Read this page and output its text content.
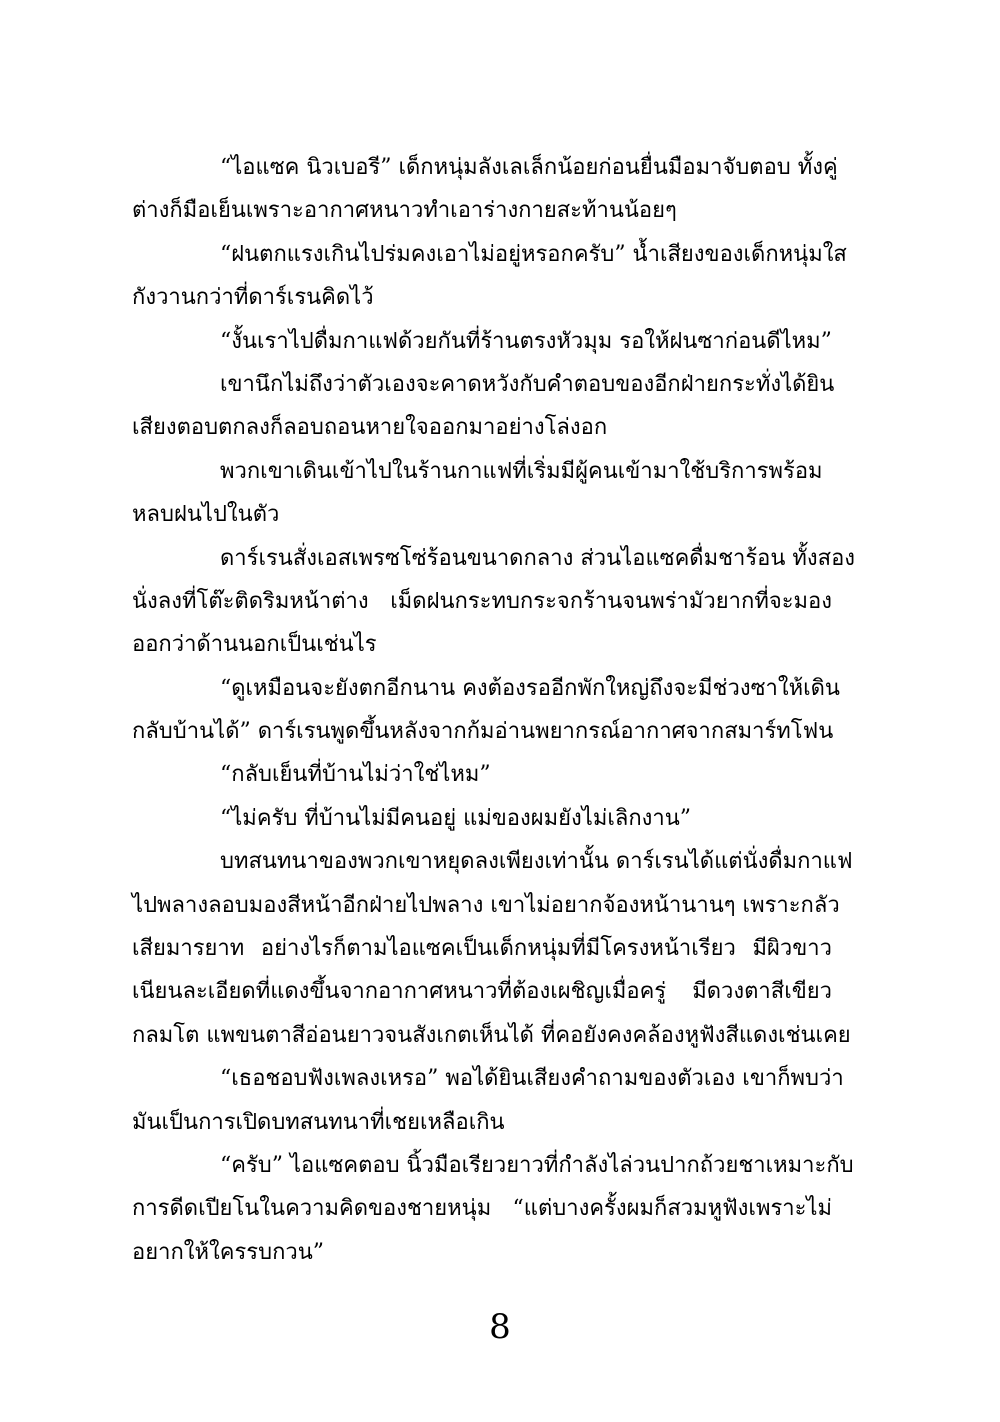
“ไอแซค นิวเบอรี” เด็กหนุ่มลังเลเล็กน้อยก่อนยื่นมือมาจับตอบ ทั้งคู่
ต่างก็มือเย็นเพราะอากาศหนาวทำเอาร่างกายสะท้านน้อยๆ
“ฝนตกแรงเกินไปร่มคงเอาไม่อยู่หรอกครับ” น้ำเสียงของเด็กหนุ่มใส
กังวานกว่าที่ดาร์เรนคิดไว้
“งั้นเราไปดื่มกาแฟด้วยกันที่ร้านตรงหัวมุม รอให้ฝนซาก่อนดีไหม”
เขานึกไม่ถึงว่าตัวเองจะคาดหวังกับคำตอบของอีกฝ่ายกระทั่งได้ยิน
เสียงตอบตกลงก็ลอบถอนหายใจออกมาอย่างโล่งอก
พวกเขาเดินเข้าไปในร้านกาแฟที่เริ่มมีผู้คนเข้ามาใช้บริการพร้อม
หลบฝนไปในตัว
ดาร์เรนสั่งเอสเพรซโซ่ร้อนขนาดกลาง ส่วนไอแซคดื่มชาร้อน ทั้งสอง
นั่งลงที่โต๊ะติดริมหน้าต่าง เม็ดฝนกระทบกระจกร้านจนพร่ามัวยากที่จะมอง
ออกว่าด้านนอกเป็นเช่นไร
“ดูเหมือนจะยังตกอีกนาน คงต้องรออีกพักใหญ่ถึงจะมีช่วงซาให้เดิน
กลับบ้านได้” ดาร์เรนพูดขึ้นหลังจากก้มอ่านพยากรณ์อากาศจากสมาร์ทโฟน
“กลับเย็นที่บ้านไม่ว่าใช่ไหม”
“ไม่ครับ ที่บ้านไม่มีคนอยู่ แม่ของผมยังไม่เลิกงาน”
บทสนทนาของพวกเขาหยุดลงเพียงเท่านั้น ดาร์เรนได้แต่นั่งดื่มกาแฟ
ไปพลางลอบมองสีหน้าอีกฝ่ายไปพลาง เขาไม่อยากจ้องหน้านานๆ เพราะกลัว
เสียมารยาท อย่างไรก็ตามไอแซคเป็นเด็กหนุ่มที่มีโครงหน้าเรียว มีผิวขาว
เนียนละเอียดที่แดงขึ้นจากอากาศหนาวที่ต้องเผชิญเมื่อครู่ มีดวงตาสีเขียว
กลมโต แพขนตาสีอ่อนยาวจนสังเกตเห็นได้ ที่คอยังคงคล้องหูฟังสีแดงเช่นเคย
“เธอชอบฟังเพลงเหรอ” พอได้ยินเสียงคำถามของตัวเอง เขาก็พบว่า
มันเป็นการเปิดบทสนทนาที่เชยเหลือเกิน
“ครับ” ไอแซคตอบ นิ้วมือเรียวยาวที่กำลังไล่วนปากถ้วยชาเหมาะกับ
การดีดเปียโนในความคิดของชายหนุ่ม “แต่บางครั้งผมก็สวมหูฟังเพราะไม่
อยากให้ใครรบกวน”
8
